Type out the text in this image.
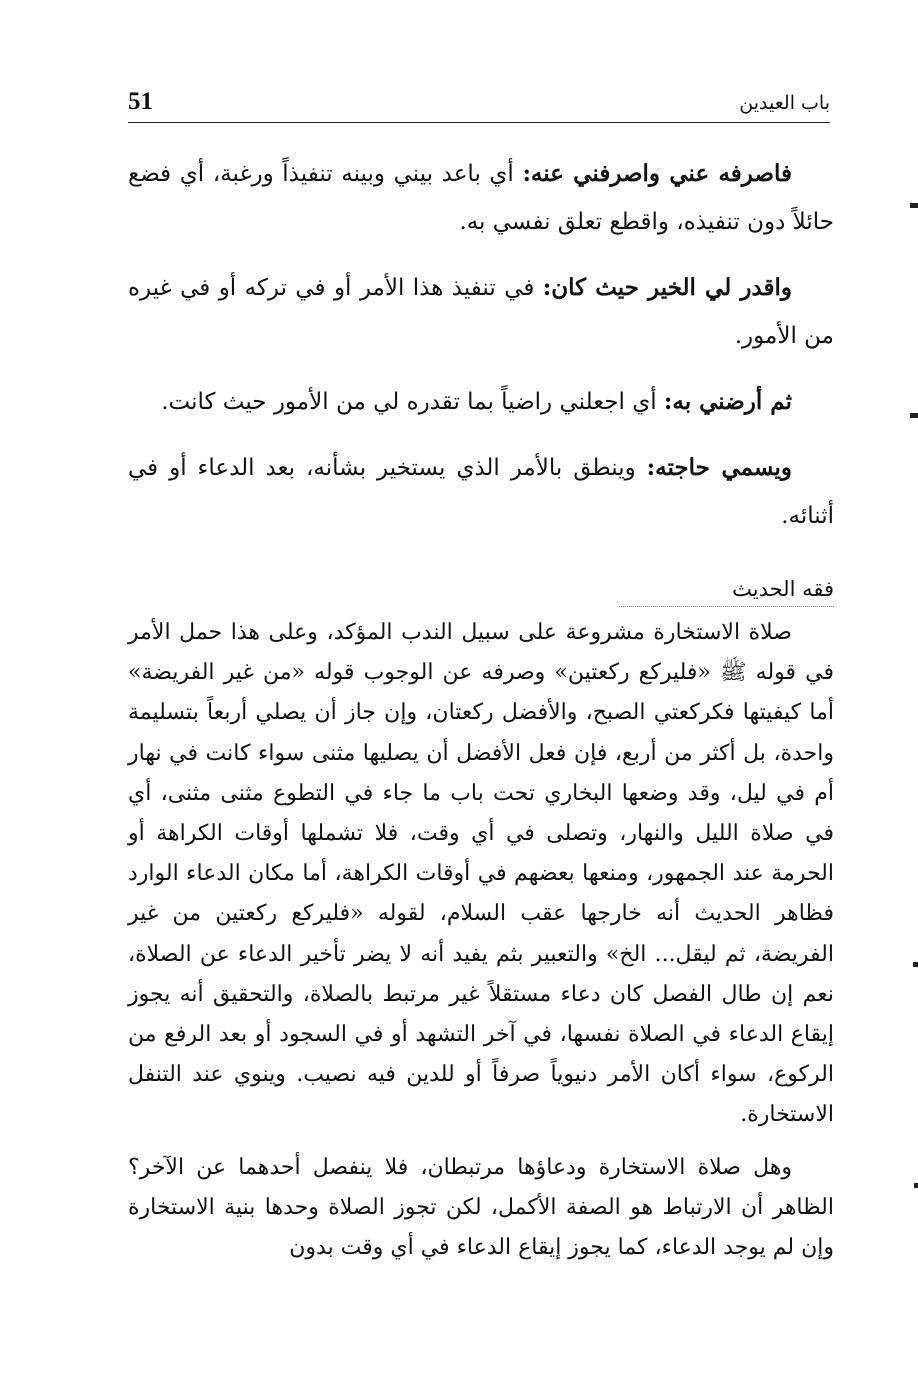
51	باب العيدين

فاصرفه عني واصرفني عنه: أي باعد بيني وبينه تنفيذاً ورغبة، أي فضع حائلاً دون تنفيذه، واقطع تعلق نفسي به.

واقدر لي الخير حيث كان: في تنفيذ هذا الأمر أو في تركه أو في غيره من الأمور.

ثم أرضني به: أي اجعلني راضياً بما تقدره لي من الأمور حيث كانت.

ويسمي حاجته: وينطق بالأمر الذي يستخير بشأنه، بعد الدعاء أو في أثنائه.

فقه الحديث

صلاة الاستخارة مشروعة على سبيل الندب المؤكد، وعلى هذا حمل الأمر في قوله ﷺ «فليركع ركعتين» وصرفه عن الوجوب قوله «من غير الفريضة» أما كيفيتها فكركعتي الصبح، والأفضل ركعتان، وإن جاز أن يصلي أربعاً بتسليمة واحدة، بل أكثر من أربع، فإن فعل الأفضل أن يصليها مثنى سواء كانت في نهار أم في ليل، وقد وضعها البخاري تحت باب ما جاء في التطوع مثنى مثنى، أي في صلاة الليل والنهار، وتصلى في أي وقت، فلا تشملها أوقات الكراهة أو الحرمة عند الجمهور، ومنعها بعضهم في أوقات الكراهة، أما مكان الدعاء الوارد فظاهر الحديث أنه خارجها عقب السلام، لقوله «فليركع ركعتين من غير الفريضة، ثم ليقل... الخ» والتعبير بثم يفيد أنه لا يضر تأخير الدعاء عن الصلاة، نعم إن طال الفصل كان دعاء مستقلاً غير مرتبط بالصلاة، والتحقيق أنه يجوز إيقاع الدعاء في الصلاة نفسها، في آخر التشهد أو في السجود أو بعد الرفع من الركوع، سواء أكان الأمر دنيوياً صرفاً أو للدين فيه نصيب. وينوي عند التنفل الاستخارة.

وهل صلاة الاستخارة ودعاؤها مرتبطان، فلا ينفصل أحدهما عن الآخر؟ الظاهر أن الارتباط هو الصفة الأكمل، لكن تجوز الصلاة وحدها بنية الاستخارة وإن لم يوجد الدعاء، كما يجوز إيقاع الدعاء في أي وقت بدون
